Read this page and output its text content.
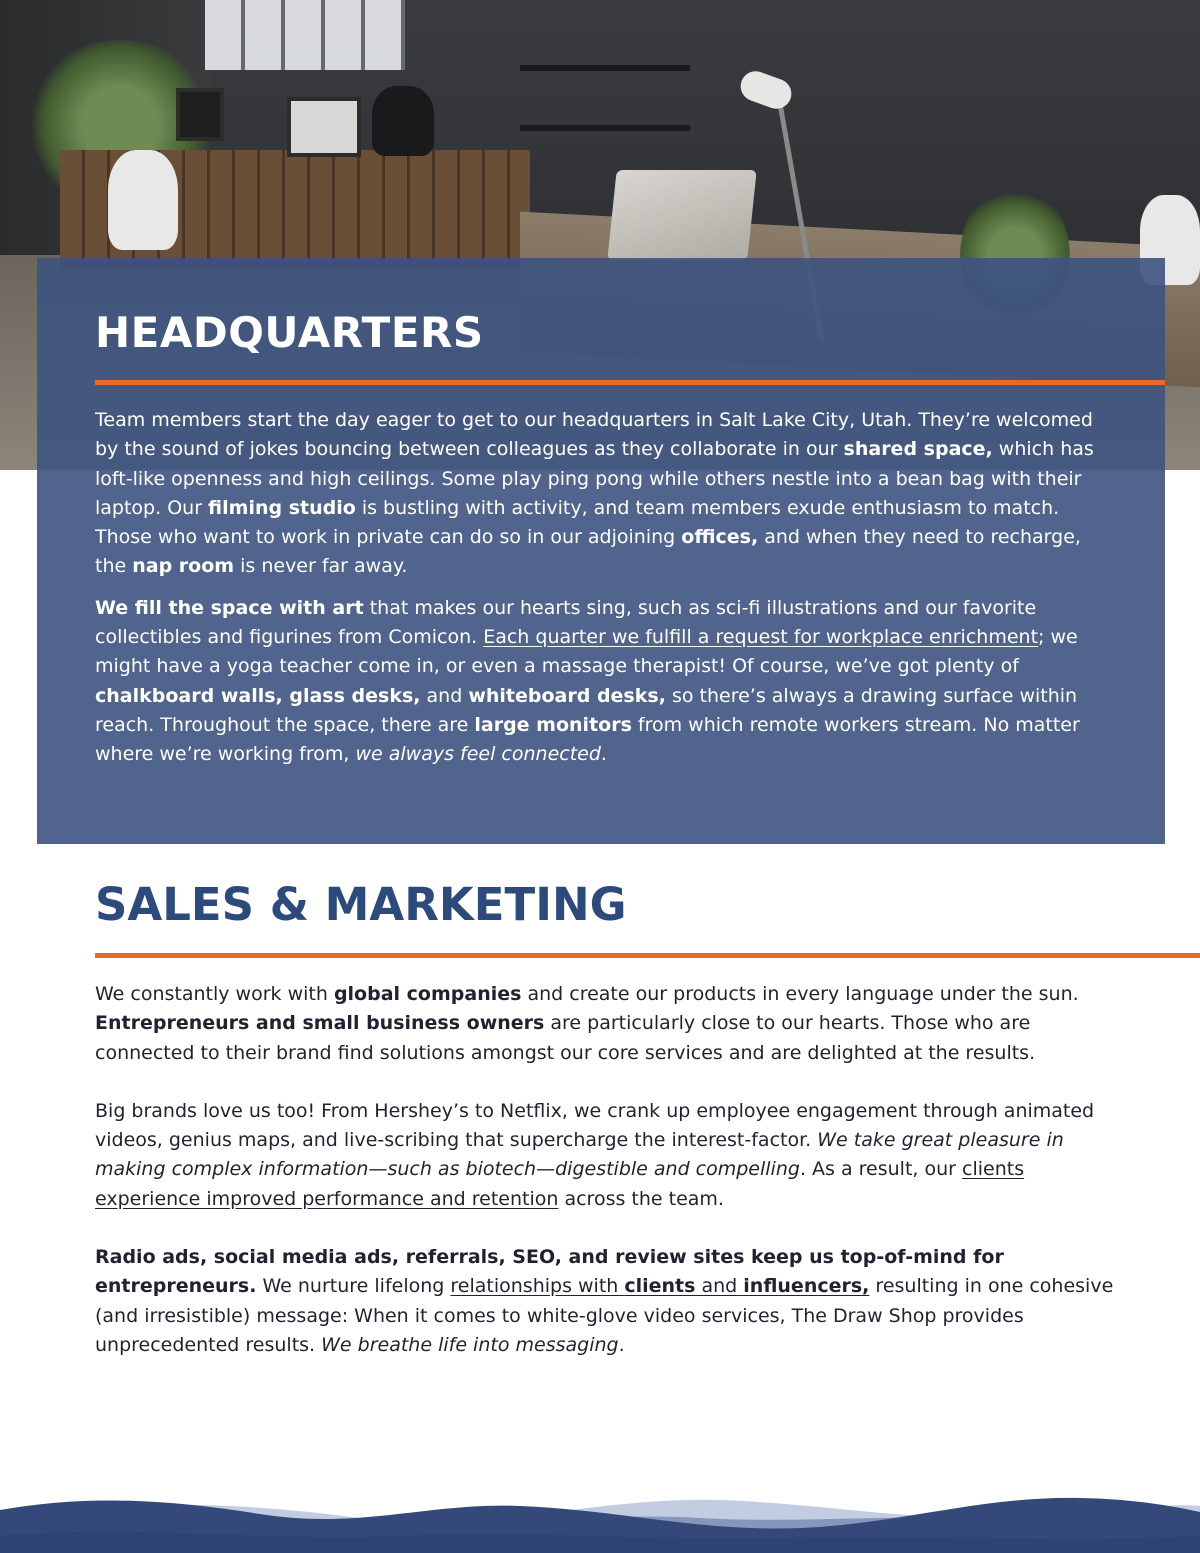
HEADQUARTERS

Team members start the day eager to get to our headquarters in Salt Lake City, Utah. They’re welcomed by the sound of jokes bouncing between colleagues as they collaborate in our shared space, which has loft-like openness and high ceilings. Some play ping pong while others nestle into a bean bag with their laptop. Our filming studio is bustling with activity, and team members exude enthusiasm to match. Those who want to work in private can do so in our adjoining offices, and when they need to recharge, the nap room is never far away.

We fill the space with art that makes our hearts sing, such as sci-fi illustrations and our favorite collectibles and figurines from Comicon. Each quarter we fulfill a request for workplace enrichment; we might have a yoga teacher come in, or even a massage therapist! Of course, we’ve got plenty of chalkboard walls, glass desks, and whiteboard desks, so there’s always a drawing surface within reach. Throughout the space, there are large monitors from which remote workers stream. No matter where we’re working from, we always feel connected.

SALES & MARKETING

We constantly work with global companies and create our products in every language under the sun. Entrepreneurs and small business owners are particularly close to our hearts. Those who are connected to their brand find solutions amongst our core services and are delighted at the results.

Big brands love us too! From Hershey’s to Netflix, we crank up employee engagement through animated videos, genius maps, and live-scribing that supercharge the interest-factor. We take great pleasure in making complex information—such as biotech—digestible and compelling. As a result, our clients experience improved performance and retention across the team.

Radio ads, social media ads, referrals, SEO, and review sites keep us top-of-mind for entrepreneurs. We nurture lifelong relationships with clients and influencers, resulting in one cohesive (and irresistible) message: When it comes to white-glove video services, The Draw Shop provides unprecedented results. We breathe life into messaging.
